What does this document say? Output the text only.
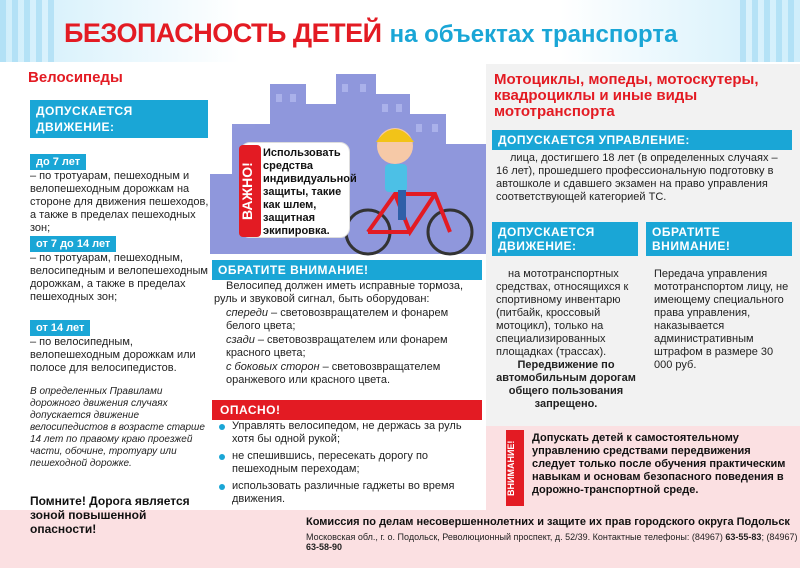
БЕЗОПАСНОСТЬ ДЕТЕЙ на объектах транспорта
Велосипеды
ДОПУСКАЕТСЯ ДВИЖЕНИЕ:
до 7 лет
– по тротуарам, пешеходным и велопешеходным дорожкам на стороне для движения пешеходов, а также в пределах пешеходных зон;
от 7 до 14 лет
– по тротуарам, пешеходным, велосипедным и велопешеходным дорожкам, а также в пределах пешеходных зон;
от 14 лет
– по велосипедным, велопешеходным дорожкам или полосе для велосипедистов.
В определенных Правилами дорожного движения случаях допускается движение велосипедистов в возрасте старше 14 лет по правому краю проезжей части, обочине, тротуару или пешеходной дорожке.
ВАЖНО!
Использовать средства индивидуальной защиты, такие как шлем, защитная экипировка.
ОБРАТИТЕ ВНИМАНИЕ!

Велосипед должен иметь исправные тормоза, руль и звуковой сигнал, быть оборудован:

спереди – световозвращателем и фонарем белого цвета;

сзади – световозвращателем или фонарем красного цвета;

с боковых сторон – световозвращателем оранжевого или красного цвета.

ОПАСНО!
Управлять велосипедом, не держась за руль хотя бы одной рукой;
не спешившись, пересекать дорогу по пешеходным переходам;
использовать различные гаджеты во время движения.
Мотоциклы, мопеды, мотоскутеры, квадроциклы и иные виды мототранспорта
ДОПУСКАЕТСЯ УПРАВЛЕНИЕ:
лица, достигшего 18 лет (в определенных случаях – 16 лет), прошедшего профессиональную подготовку в автошколе и сдавшего экзамен на право управления соответствующей категорией ТС.
ДОПУСКАЕТСЯ ДВИЖЕНИЕ:
ОБРАТИТЕ ВНИМАНИЕ!
на мототранспортных средствах, относящихся к спортивному инвентарю (питбайк, кроссовый мотоцикл), только на специализированных площадках (трассах).
Передвижение по автомобильным дорогам общего пользования запрещено.
Передача управления мототранспортом лицу, не имеющему специального права управления, наказывается административным штрафом в размере 30 000 руб.
ВНИМАНИЕ!
Допускать детей к самостоятельному управлению средствами передвижения следует только после обучения практическим навыкам и основам безопасного поведения в дорожно-транспортной среде.
Помните! Дорога является зоной повышенной опасности!	Комиссия по делам несовершеннолетних и защите их прав городского округа Подольск
Московская обл., г. о. Подольск, Революционный проспект, д. 52/39. Контактные телефоны: (84967) 63-55-83; (84967) 63-58-90
